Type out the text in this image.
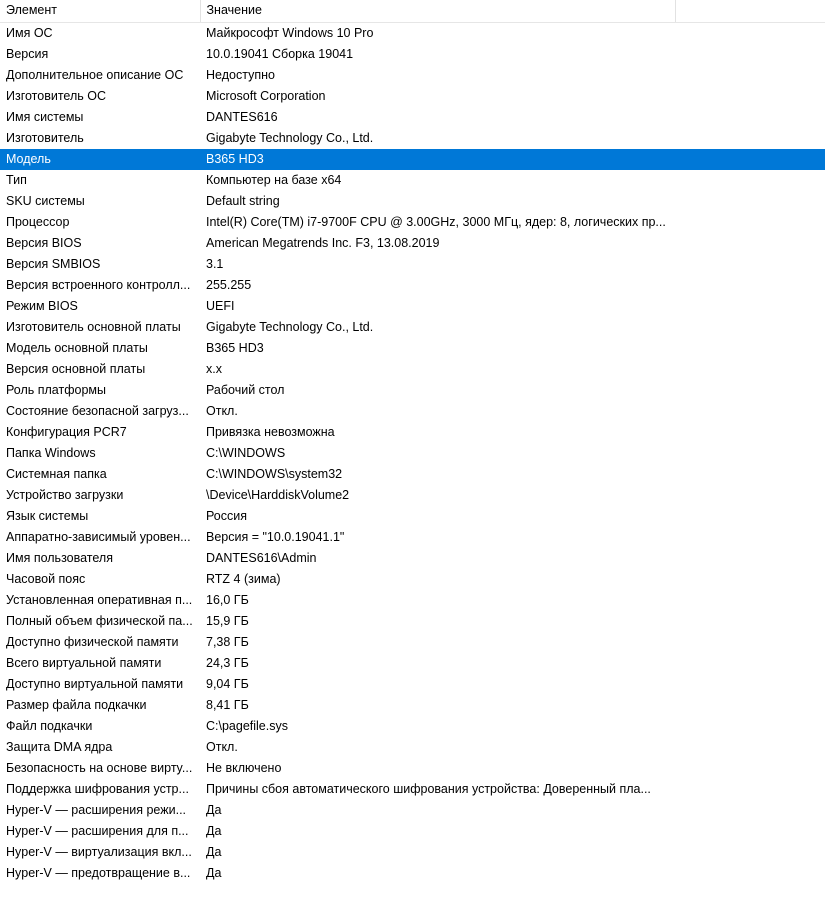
Элемент	Значение	

Имя ОС	Майкрософт Windows 10 Pro	
Версия	10.0.19041 Сборка 19041	
Дополнительное описание ОС	Недоступно	
Изготовитель ОС	Microsoft Corporation	
Имя системы	DANTES616	
Изготовитель	Gigabyte Technology Co., Ltd.	
Модель	B365 HD3	
Тип	Компьютер на базе x64	
SKU системы	Default string	
Процессор	Intel(R) Core(TM) i7-9700F CPU @ 3.00GHz, 3000 МГц, ядер: 8, логических пр...	
Версия BIOS	American Megatrends Inc. F3, 13.08.2019	
Версия SMBIOS	3.1	
Версия встроенного контролл...	255.255	
Режим BIOS	UEFI	
Изготовитель основной платы	Gigabyte Technology Co., Ltd.	
Модель основной платы	B365 HD3	
Версия основной платы	x.x	
Роль платформы	Рабочий стол	
Состояние безопасной загруз...	Откл.	
Конфигурация PCR7	Привязка невозможна	
Папка Windows	C:\WINDOWS	
Системная папка	C:\WINDOWS\system32	
Устройство загрузки	\Device\HarddiskVolume2	
Язык системы	Россия	
Аппаратно-зависимый уровен...	Версия = "10.0.19041.1"	
Имя пользователя	DANTES616\Admin	
Часовой пояс	RTZ 4 (зима)	
Установленная оперативная п...	16,0 ГБ	
Полный объем физической па...	15,9 ГБ	
Доступно физической памяти	7,38 ГБ	
Всего виртуальной памяти	24,3 ГБ	
Доступно виртуальной памяти	9,04 ГБ	
Размер файла подкачки	8,41 ГБ	
Файл подкачки	C:\pagefile.sys	
Защита DMA ядра	Откл.	
Безопасность на основе виртy...	Не включено	
Поддержка шифрования устр...	Причины сбоя автоматического шифрования устройства: Доверенный пла...	
Hyper-V — расширения режи...	Да	
Hyper-V — расширения для п...	Да	
Hyper-V — виртуализация вкл...	Да	
Hyper-V — предотвращение в...	Да	
